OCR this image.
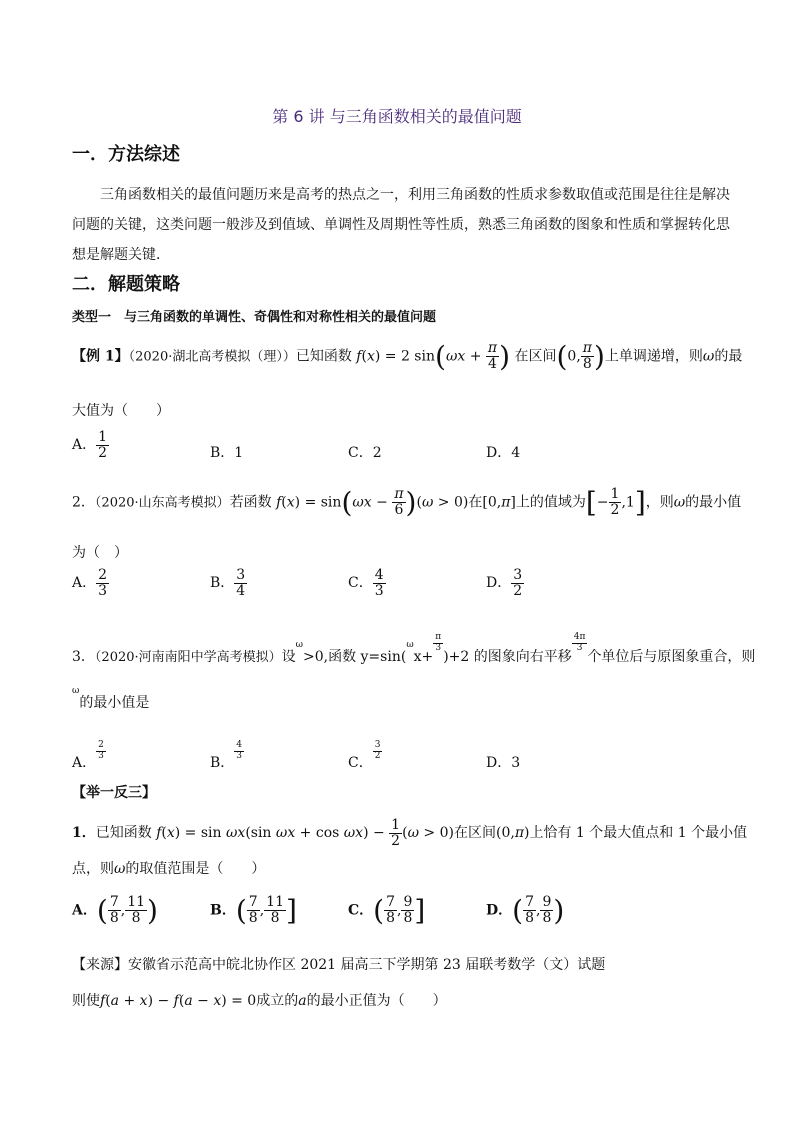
第 6 讲 与三角函数相关的最值问题
一．方法综述
三角函数相关的最值问题历来是高考的热点之一，利用三角函数的性质求参数取值或范围是往往是解决问题的关键，这类问题一般涉及到值域、单调性及周期性等性质，熟悉三角函数的图象和性质和掌握转化思想是解题关键．
二．解题策略
类型一　与三角函数的单调性、奇偶性和对称性相关的最值问题
【例 1】（2020·湖北高考模拟（理））已知函数 f(x) = 2 $\sin(\omega x + \frac{\pi}{4}$ ) 在区间(0, $\frac{\pi}{8}$ )上单调递增，则ω的最
大值为（　　）
A． $\frac{1}{2}$	B．1	C．2	D．4
2．（2020·山东高考模拟）若函数 $f(x) = \sin(\omega x - \frac{\pi}{6} )(\omega > 0)$在[0,π]上的值域为[− $\frac{1}{2} ,1$]，则ω的最小值
为（　）
A． $\frac{2}{3}$	B． $\frac{3}{4}$	C． $\frac{4}{3}$	D． $\frac{3}{2}$
3．（2020·河南南阳中学高考模拟）设$^\omega$>0,函数 y=sin($^\omega$x+
$\frac{\pi}{3}$
)+2 的图象向右平移
$\frac{4\pi}{3}$
个单位后与原图象重合，则
$^\omega$的最小值是
A．
$\frac{2}{3}$
B．
$\frac{4}{3}$
C．
$\frac{3}{2}$
D．3
【举一反三】
1．已知函数 f(x) = sin ωx(sin $\omega x + \cos \omega x) - \frac{1}{2} (\omega > 0)$在区间(0,π)上恰有 1 个最大值点和 1 个最小值
点，则ω的取值范围是（　　）
A．( $\frac{7}{8}$ , $\frac{11}{8}$ )	B．( $\frac{7}{8}$ , $\frac{11}{8}$ ]	C．( $\frac{7}{8}$ , $\frac{9}{8}$ ]	D．( $\frac{7}{8}$ , $\frac{9}{8}$ )
【来源】安徽省示范高中皖北协作区 2021 届高三下学期第 23 届联考数学（文）试题
则使f(a + x) − f(a − x) = 0成立的a的最小正值为（　　）
